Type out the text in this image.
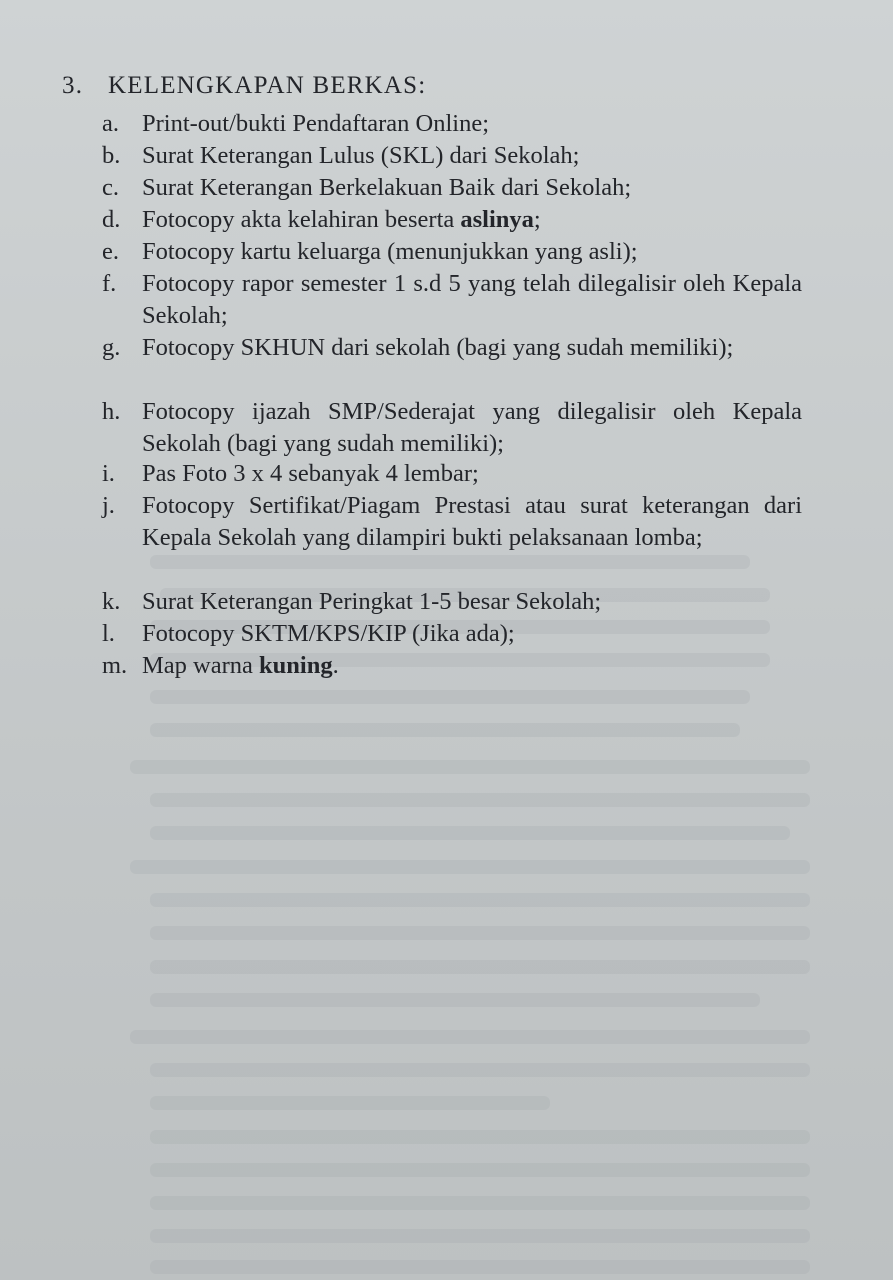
3. KELENGKAPAN BERKAS:
a. Print-out/bukti Pendaftaran Online;
b. Surat Keterangan Lulus (SKL) dari Sekolah;
c. Surat Keterangan Berkelakuan Baik dari Sekolah;
d. Fotocopy akta kelahiran beserta aslinya;
e. Fotocopy kartu keluarga (menunjukkan yang asli);
f.	Fotocopy rapor semester 1 s.d 5 yang telah dilegalisir oleh Kepala Sekolah;
g. Fotocopy SKHUN dari sekolah (bagi yang sudah memiliki);
h. Fotocopy ijazah SMP/Sederajat yang dilegalisir oleh Kepala Sekolah (bagi yang sudah memiliki);
i.	Pas Foto 3 x 4 sebanyak 4 lembar;
j.	Fotocopy Sertifikat/Piagam Prestasi atau surat keterangan dari Kepala Sekolah yang dilampiri bukti pelaksanaan lomba;
k. Surat Keterangan Peringkat 1-5 besar Sekolah;
l.	Fotocopy SKTM/KPS/KIP (Jika ada);
m. Map warna kuning.
